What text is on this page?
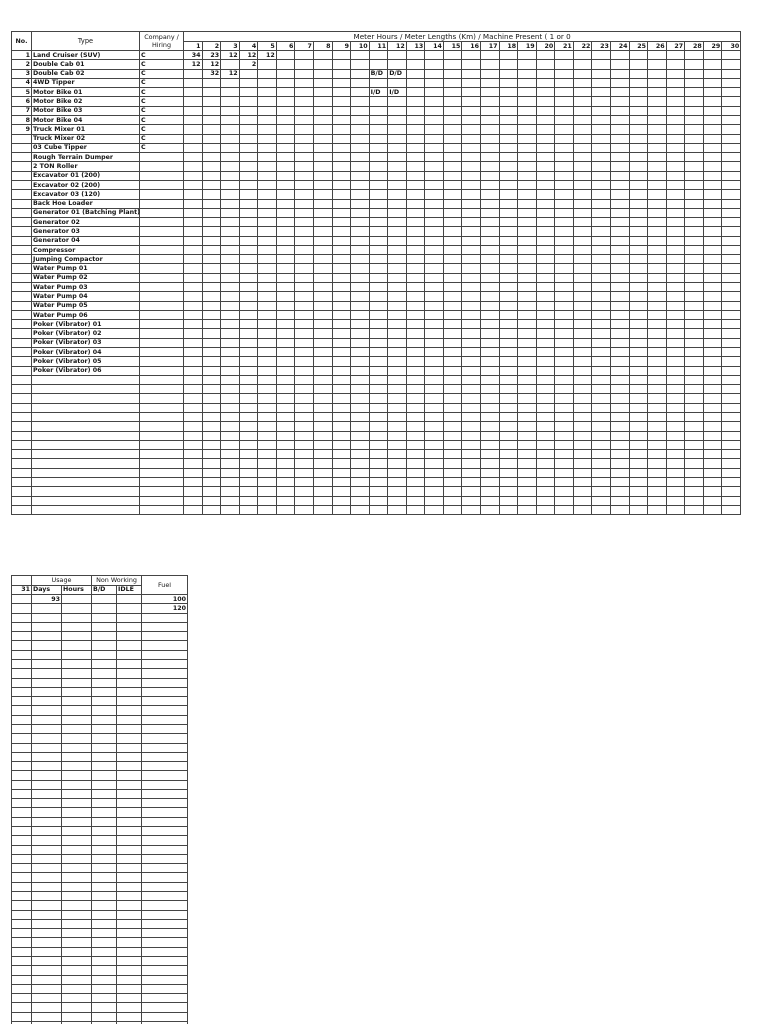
No.	Type	Company / Hiring	Meter Hours / Meter Lengths (Km) / Machine Present ( 1 or 0																													
			1	2	3	4	5	6	7	8	9	10	11	12	13	14	15	16	17	18	19	20	21	22	23	24	25	26	27	28	29	30
1	Land Cruiser (SUV)	C	34	23	12	12	12																									
2	Double Cab 01	C	12	12		2																										
3	Double Cab 02	C		32	12								B/D	D/D																		
4	4WD Tipper	C																														
5	Motor Bike 01	C											I/D	I/D																		
6	Motor Bike 02	C																														
7	Motor Bike 03	C																														
8	Motor Bike 04	C																														
9	Truck Mixer 01	C																														
	Truck Mixer 02	C																														
	03 Cube Tipper	C																														
	Rough Terrain Dumper																															
	2 TON Roller																															
	Excavator 01 (200)																															
	Excavator 02 (200)																															
	Excavator 03 (120)																															
	Back Hoe Loader																															
	Generator 01 (Batching Plant)																															
	Generator 02																															
	Generator 03																															
	Generator 04																															
	Compressor																															
	Jumping Compactor																															
	Water Pump 01																															
	Water Pump 02																															
	Water Pump 03																															
	Water Pump 04																															
	Water Pump 05																															
	Water Pump 06																															
	Poker (Vibrator) 01																															
	Poker (Vibrator) 02																															
	Poker (Vibrator) 03																															
	Poker (Vibrator) 04																															
	Poker (Vibrator) 05																															
	Poker (Vibrator) 06																															

	Usage		Non Working		Fuel
31	Days	Hours	B/D	IDLE	
	93				100
					120
